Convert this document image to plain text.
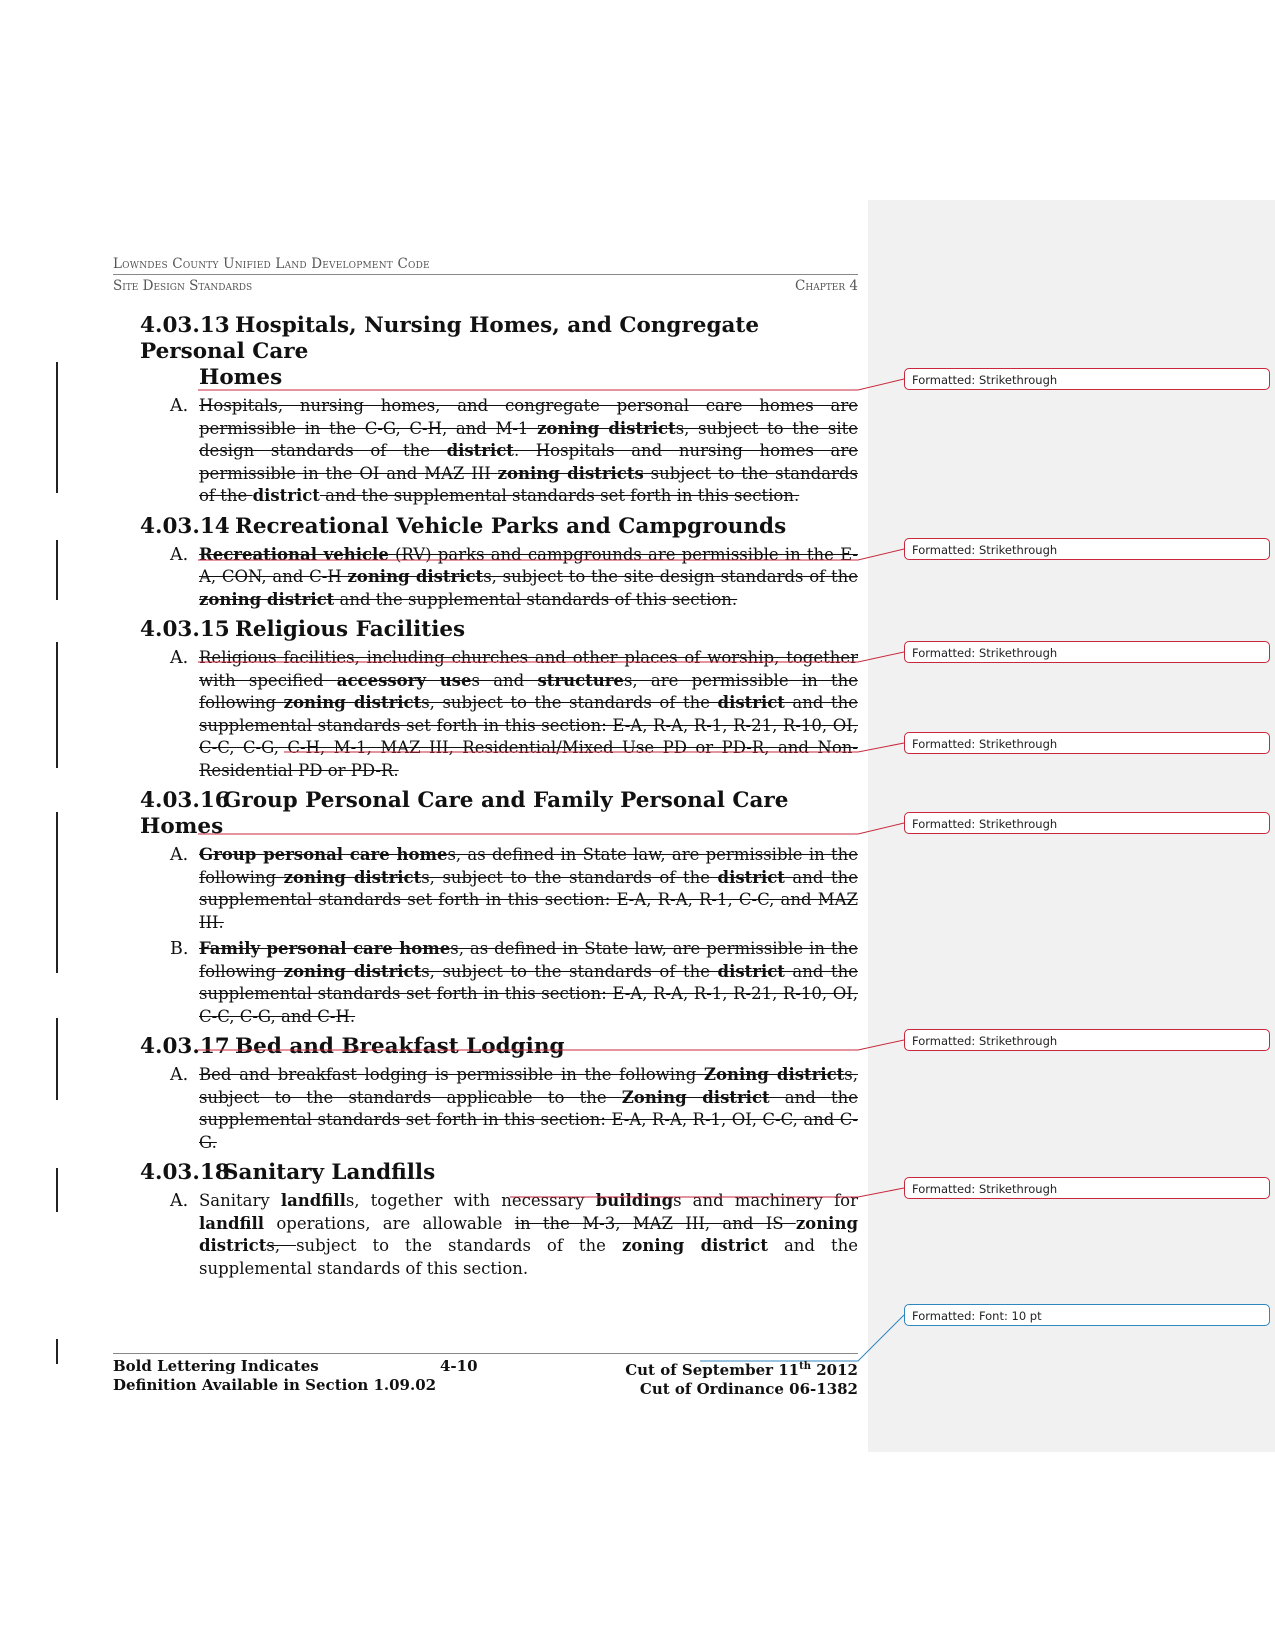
Lowndes County Unified Land Development Code
Site Design Standards	Chapter 4
4.03.13 Hospitals, Nursing Homes, and Congregate Personal Care
Homes
A. Hospitals, nursing homes, and congregate personal care homes are permissible in the C-G, C-H, and M-1 zoning districts, subject to the site design standards of the district. Hospitals and nursing homes are permissible in the OI and MAZ III zoning districts subject to the standards of the district and the supplemental standards set forth in this section.
4.03.14 Recreational Vehicle Parks and Campgrounds
A. Recreational vehicle (RV) parks and campgrounds are permissible in the E-A, CON, and C-H zoning districts, subject to the site design standards of the zoning district and the supplemental standards of this section.
4.03.15 Religious Facilities
A. Religious facilities, including churches and other places of worship, together with specified accessory uses and structures, are permissible in the following zoning districts, subject to the standards of the district and the supplemental standards set forth in this section: E-A, R-A, R-1, R-21, R-10, OI, C-C, C-G, C-H, M-1, MAZ III, Residential/Mixed Use PD or PD-R, and Non-Residential PD or PD-R.
4.03.16Group Personal Care and Family Personal Care Homes
A. Group personal care homes, as defined in State law, are permissible in the following zoning districts, subject to the standards of the district and the supplemental standards set forth in this section: E-A, R-A, R-1, C-C, and MAZ III.
B. Family personal care homes, as defined in State law, are permissible in the following zoning districts, subject to the standards of the district and the supplemental standards set forth in this section: E-A, R-A, R-1, R-21, R-10, OI, C-C, C-G, and C-H.
4.03.17 Bed and Breakfast Lodging
A. Bed and breakfast lodging is permissible in the following Zoning districts, subject to the standards applicable to the Zoning district and the supplemental standards set forth in this section: E-A, R-A, R-1, OI, C-C, and C-G.
4.03.18Sanitary Landfills
A. Sanitary landfills, together with necessary buildings and machinery for landfill operations, are allowable in the M-3, MAZ III, and IS zoning districts, subject to the standards of the zoning district and the supplemental standards of this section.
Formatted: Strikethrough
Formatted: Strikethrough
Formatted: Strikethrough
Formatted: Strikethrough
Formatted: Strikethrough
Formatted: Strikethrough
Formatted: Strikethrough
Formatted: Font: 10 pt
Bold Lettering Indicates
Definition Available in Section 1.09.02
4-10	Cut of September 11th 2012
Cut of Ordinance 06-1382
